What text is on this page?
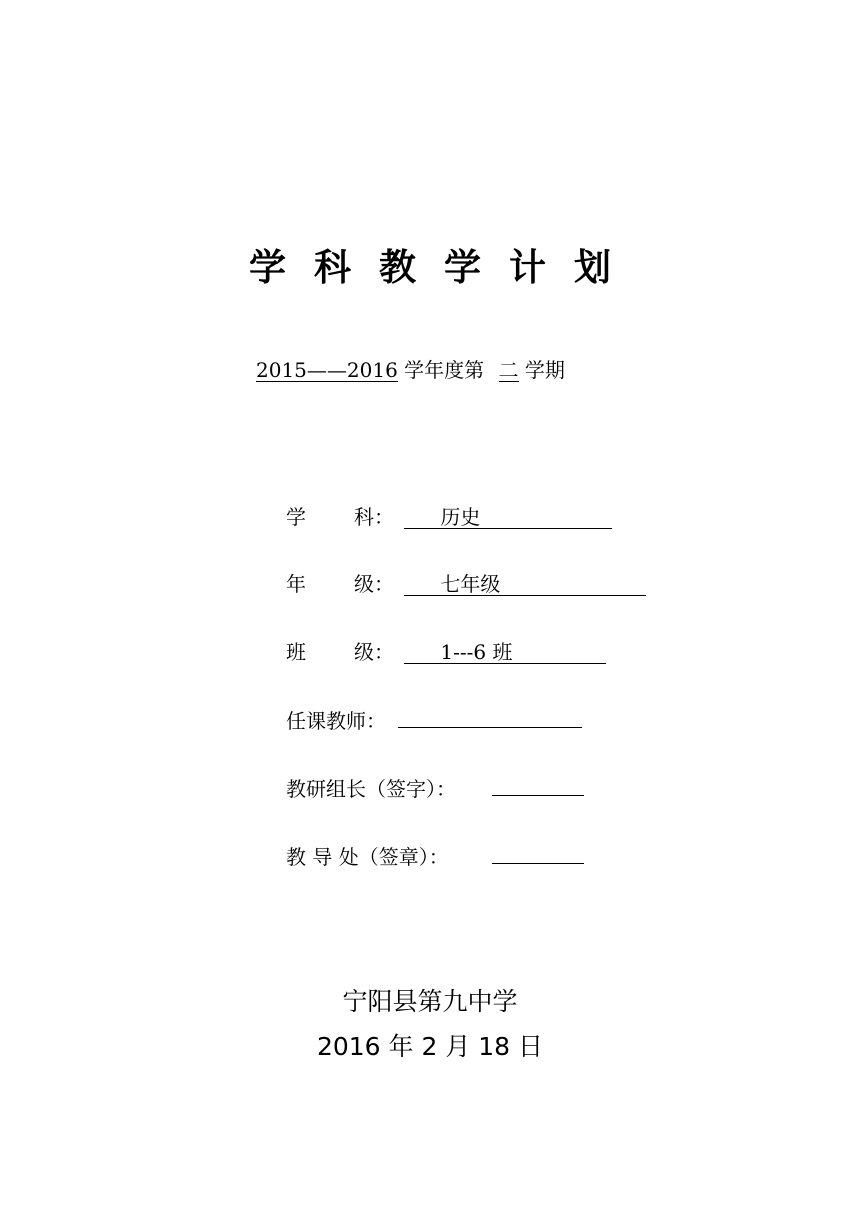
学科教学计划
2015——2016 学年度第 二 学期
学 科： 历史
年 级： 七年级
班 级： 1---6 班
任课教师：
教研组长（签字）：
教 导 处（签章）：
宁阳县第九中学
2016 年 2 月 18 日
